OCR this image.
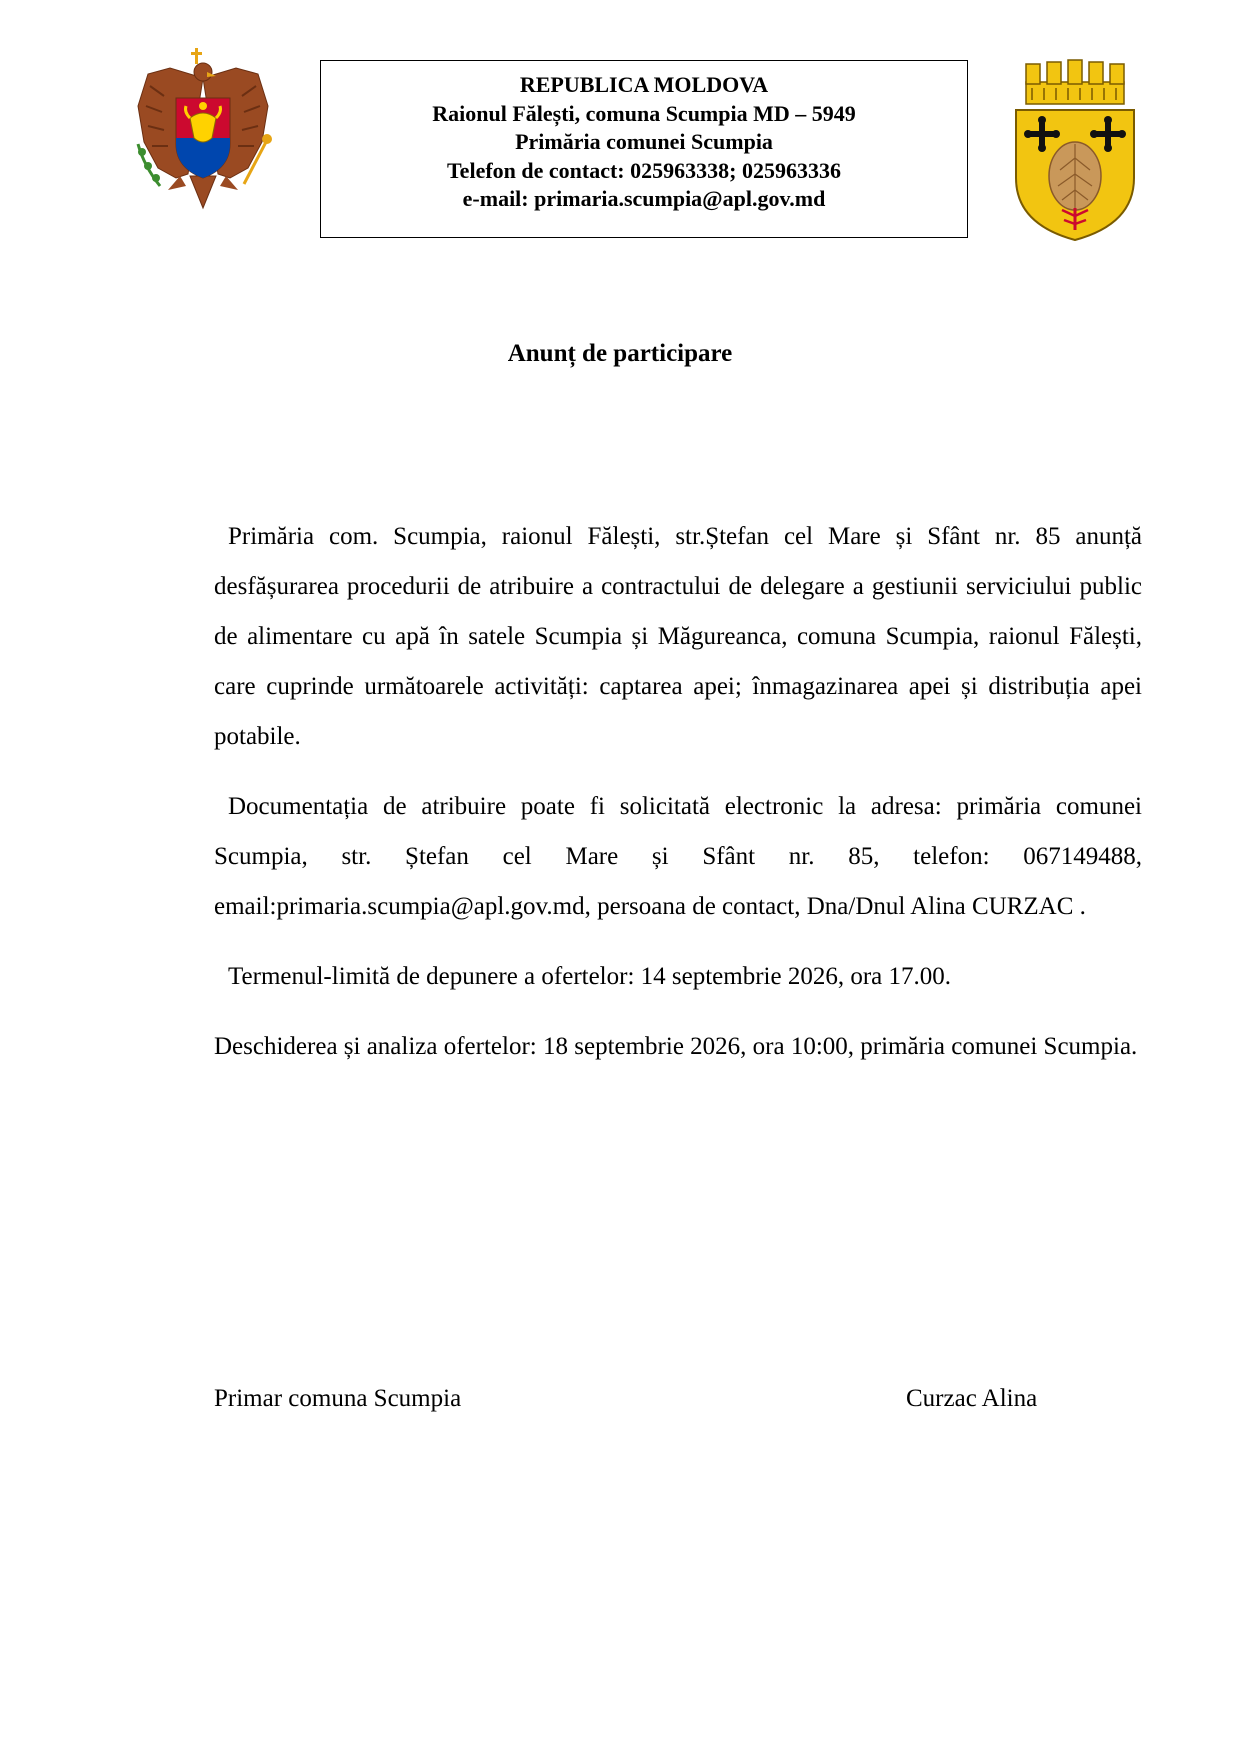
REPUBLICA MOLDOVA

Raionul Fălești, comuna Scumpia MD – 5949

Primăria comunei Scumpia

Telefon de contact: 025963338; 025963336

e-mail: primaria.scumpia@apl.gov.md

Anunț de participare

Primăria com. Scumpia, raionul Fălești, str.Ștefan cel Mare și Sfânt nr. 85 anunță desfășurarea procedurii de atribuire a contractului de delegare a gestiunii serviciului public de alimentare cu apă în satele Scumpia și Măgureanca, comuna Scumpia, raionul Fălești, care cuprinde următoarele activități: captarea apei; înmagazinarea apei și distribuția apei potabile.

Documentația de atribuire poate fi solicitată electronic la adresa: primăria comunei Scumpia, str. Ștefan cel Mare și Sfânt nr. 85, telefon: 067149488, email:primaria.scumpia@apl.gov.md, persoana de contact, Dna/Dnul Alina CURZAC .

Termenul-limită de depunere a ofertelor: 14 septembrie 2026, ora 17.00.

Deschiderea și analiza ofertelor: 18 septembrie 2026, ora 10:00, primăria comunei Scumpia.

Primar comuna Scumpia	Curzac Alina
